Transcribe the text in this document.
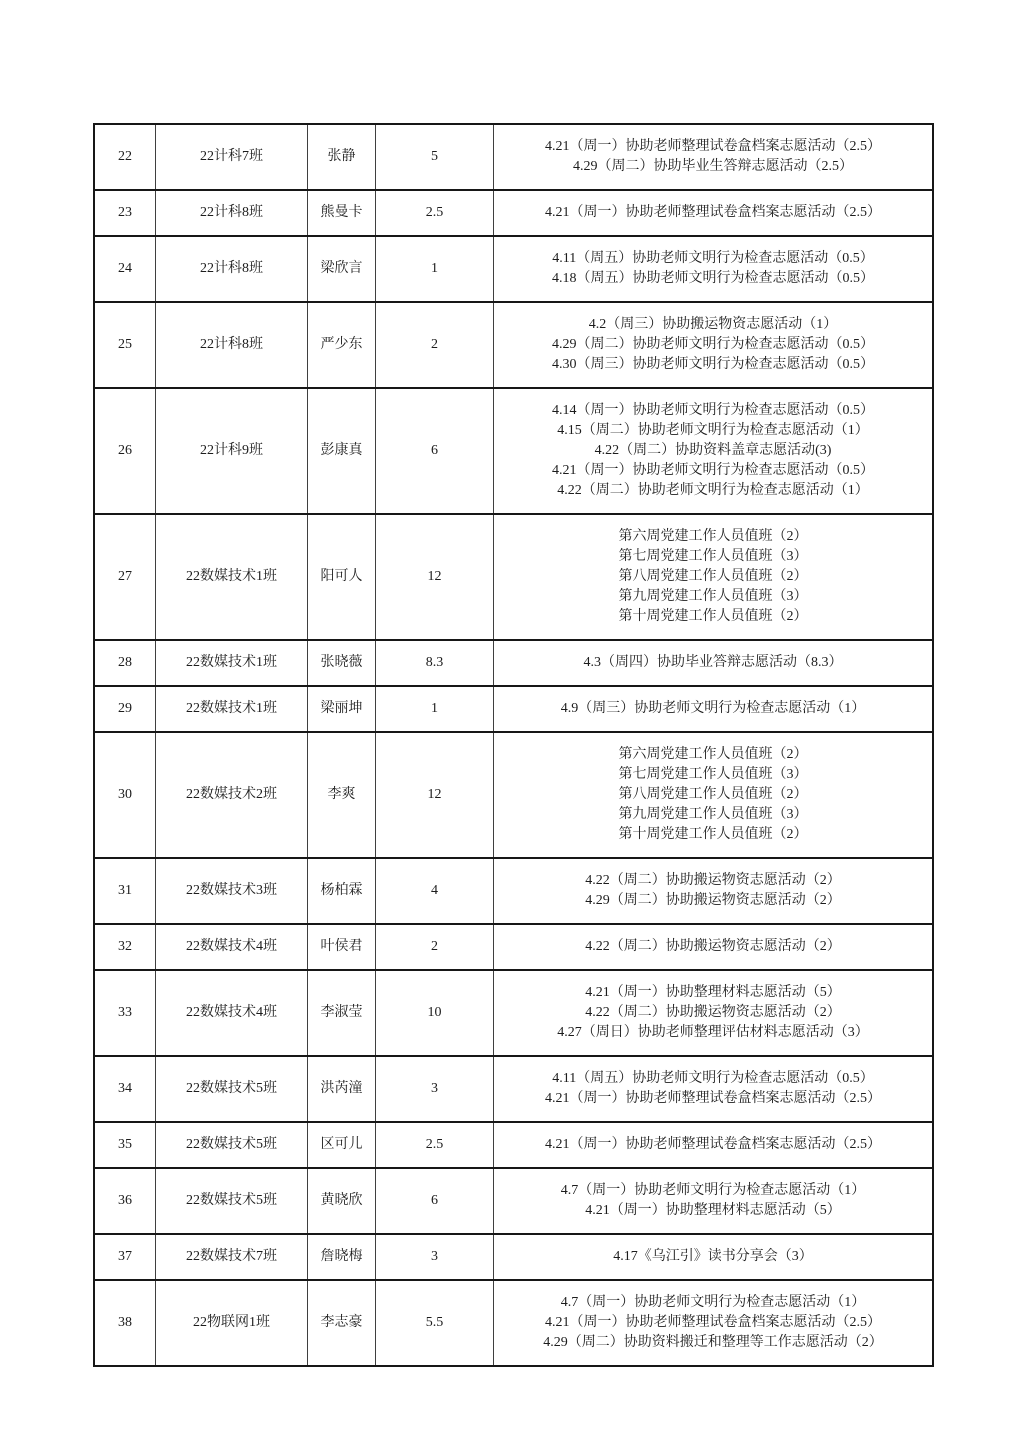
22	22计科7班	张静	5
4.21（周一）协助老师整理试卷盒档案志愿活动（2.5）
4.29（周二）协助毕业生答辩志愿活动（2.5）
23	22计科8班	熊曼卡	2.5	4.21（周一）协助老师整理试卷盒档案志愿活动（2.5）
24	22计科8班	梁欣言	1
4.11（周五）协助老师文明行为检查志愿活动（0.5）
4.18（周五）协助老师文明行为检查志愿活动（0.5）
25	22计科8班	严少东	2
4.2（周三）协助搬运物资志愿活动（1）
4.29（周二）协助老师文明行为检查志愿活动（0.5）
4.30（周三）协助老师文明行为检查志愿活动（0.5）
26	22计科9班	彭康真	6
4.14（周一）协助老师文明行为检查志愿活动（0.5）
4.15（周二）协助老师文明行为检查志愿活动（1）
4.22（周二）协助资料盖章志愿活动(3)
4.21（周一）协助老师文明行为检查志愿活动（0.5）
4.22（周二）协助老师文明行为检查志愿活动（1）
27	22数媒技术1班	阳可人	12
第六周党建工作人员值班（2）
第七周党建工作人员值班（3）
第八周党建工作人员值班（2）
第九周党建工作人员值班（3）
第十周党建工作人员值班（2）
28	22数媒技术1班	张晓薇	8.3	4.3（周四）协助毕业答辩志愿活动（8.3）
29	22数媒技术1班	梁丽坤	1	4.9（周三）协助老师文明行为检查志愿活动（1）
30	22数媒技术2班	李爽	12
第六周党建工作人员值班（2）
第七周党建工作人员值班（3）
第八周党建工作人员值班（2）
第九周党建工作人员值班（3）
第十周党建工作人员值班（2）
31	22数媒技术3班	杨柏霖	4
4.22（周二）协助搬运物资志愿活动（2）
4.29（周二）协助搬运物资志愿活动（2）
32	22数媒技术4班	叶侯君	2	4.22（周二）协助搬运物资志愿活动（2）
33	22数媒技术4班	李淑莹	10
4.21（周一）协助整理材料志愿活动（5）
4.22（周二）协助搬运物资志愿活动（2）
4.27（周日）协助老师整理评估材料志愿活动（3）
34	22数媒技术5班	洪芮潼	3
4.11（周五）协助老师文明行为检查志愿活动（0.5）
4.21（周一）协助老师整理试卷盒档案志愿活动（2.5）
35	22数媒技术5班	区可儿	2.5	4.21（周一）协助老师整理试卷盒档案志愿活动（2.5）
36	22数媒技术5班	黄晓欣	6
4.7（周一）协助老师文明行为检查志愿活动（1）
4.21（周一）协助整理材料志愿活动（5）
37	22数媒技术7班	詹晓梅	3	4.17《乌江引》读书分享会（3）
38	22物联网1班	李志豪	5.5
4.7（周一）协助老师文明行为检查志愿活动（1）
4.21（周一）协助老师整理试卷盒档案志愿活动（2.5）
4.29（周二）协助资料搬迁和整理等工作志愿活动（2）
